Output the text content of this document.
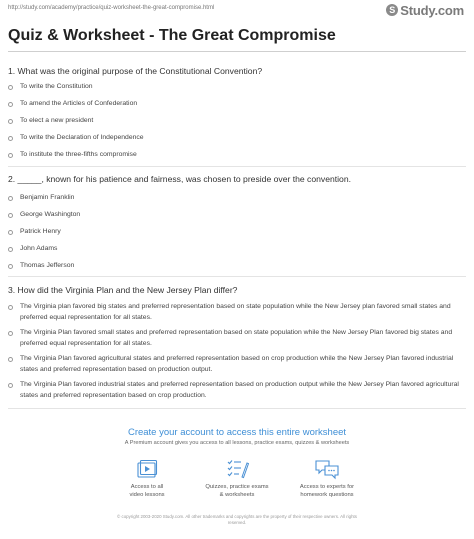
http://study.com/academy/practice/quiz-worksheet-the-great-compromise.html	S Study.com
Quiz & Worksheet - The Great Compromise
1. What was the original purpose of the Constitutional Convention?
To write the Constitution
To amend the Articles of Confederation
To elect a new president
To write the Declaration of Independence
To institute the three-fifths compromise
2. _____, known for his patience and fairness, was chosen to preside over the convention.
Benjamin Franklin
George Washington
Patrick Henry
John Adams
Thomas Jefferson
3. How did the Virginia Plan and the New Jersey Plan differ?
The Virginia plan favored big states and preferred representation based on state population while the New Jersey plan favored small states and preferred equal representation for all states.
The Virginia Plan favored small states and preferred representation based on state population while the New Jersey Plan favored big states and preferred equal representation for all states.
The Virginia Plan favored agricultural states and preferred representation based on crop production while the New Jersey Plan favored industrial states and preferred representation based on production output.
The Virginia Plan favored industrial states and preferred representation based on production output while the New Jersey Plan favored agricultural states and preferred representation based on crop production.
Create your account to access this entire worksheet
A Premium account gives you access to all lessons, practice exams, quizzes & worksheets
Access to all
video lessons
Quizzes, practice exams
& worksheets
Access to experts for
homework questions
© copyright 2003-2020 Study.com. All other trademarks and copyrights are the property of their respective owners. All rights
reserved.
